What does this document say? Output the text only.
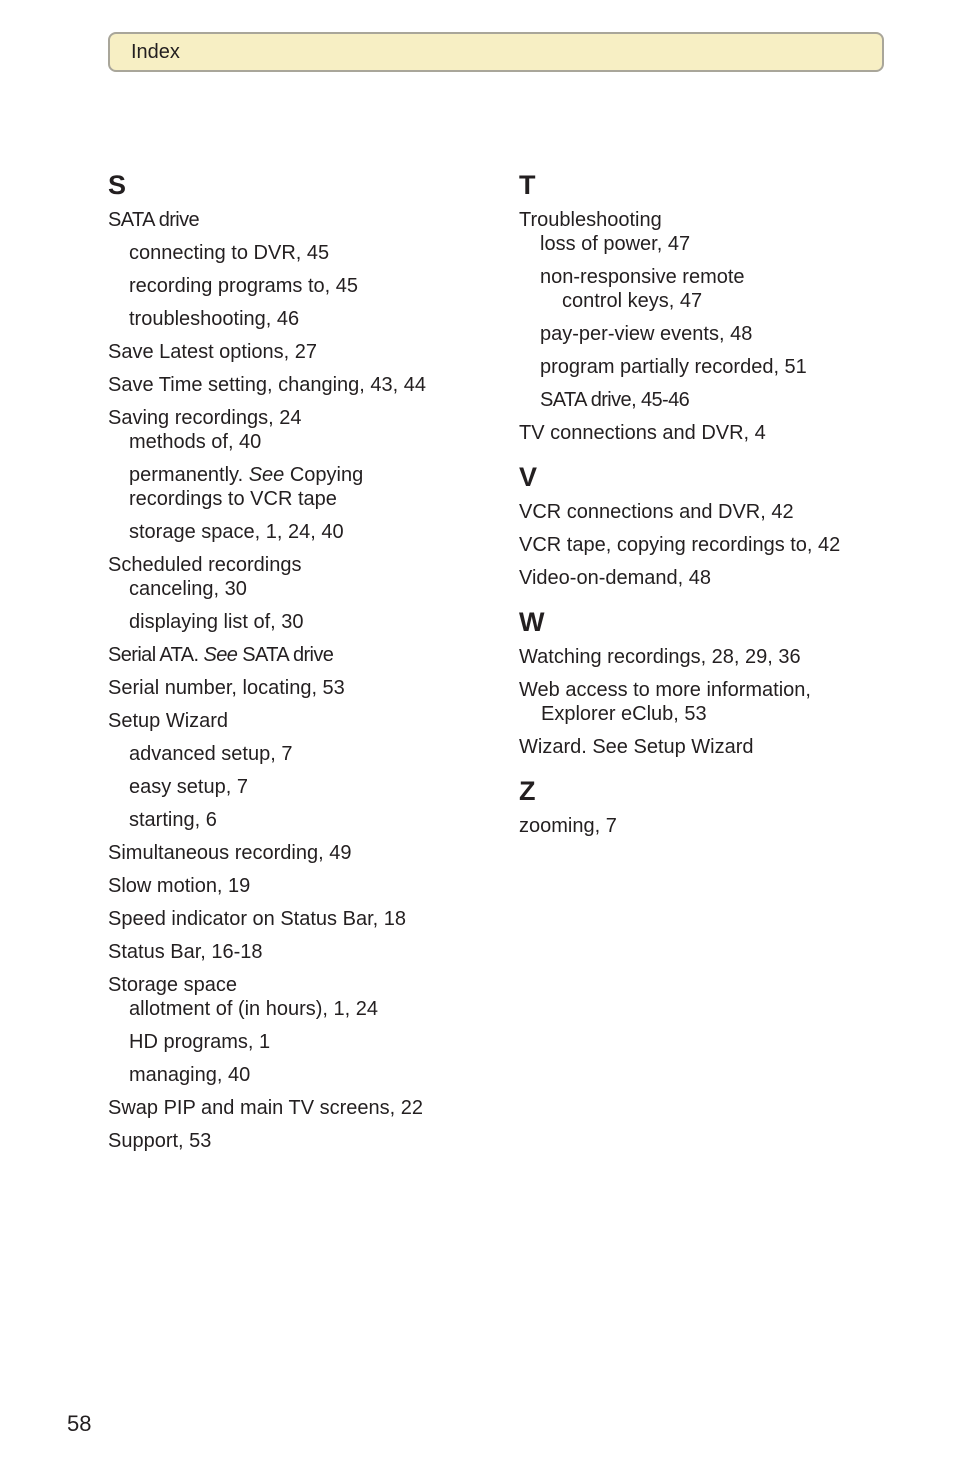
Index
S
SATA drive
connecting to DVR, 45
recording programs to, 45
troubleshooting, 46
Save Latest options, 27
Save Time setting, changing, 43, 44
Saving recordings, 24
methods of, 40
permanently. See Copying
recordings to VCR tape
storage space, 1, 24, 40
Scheduled recordings
canceling, 30
displaying list of, 30
Serial ATA. See SATA drive
Serial number, locating, 53
Setup Wizard
advanced setup, 7
easy setup, 7
starting, 6
Simultaneous recording, 49
Slow motion, 19
Speed indicator on Status Bar, 18
Status Bar, 16-18
Storage space
allotment of (in hours), 1, 24
HD programs, 1
managing, 40
Swap PIP and main TV screens, 22
Support, 53
T
Troubleshooting
loss of power, 47
non-responsive remote
control keys, 47
pay-per-view events, 48
program partially recorded, 51
SATA drive, 45-46
TV connections and DVR, 4
V
VCR connections and DVR, 42
VCR tape, copying recordings to, 42
Video-on-demand, 48
W
Watching recordings, 28, 29, 36
Web access to more information,
Explorer eClub, 53
Wizard. See Setup Wizard
Z
zooming, 7
58
